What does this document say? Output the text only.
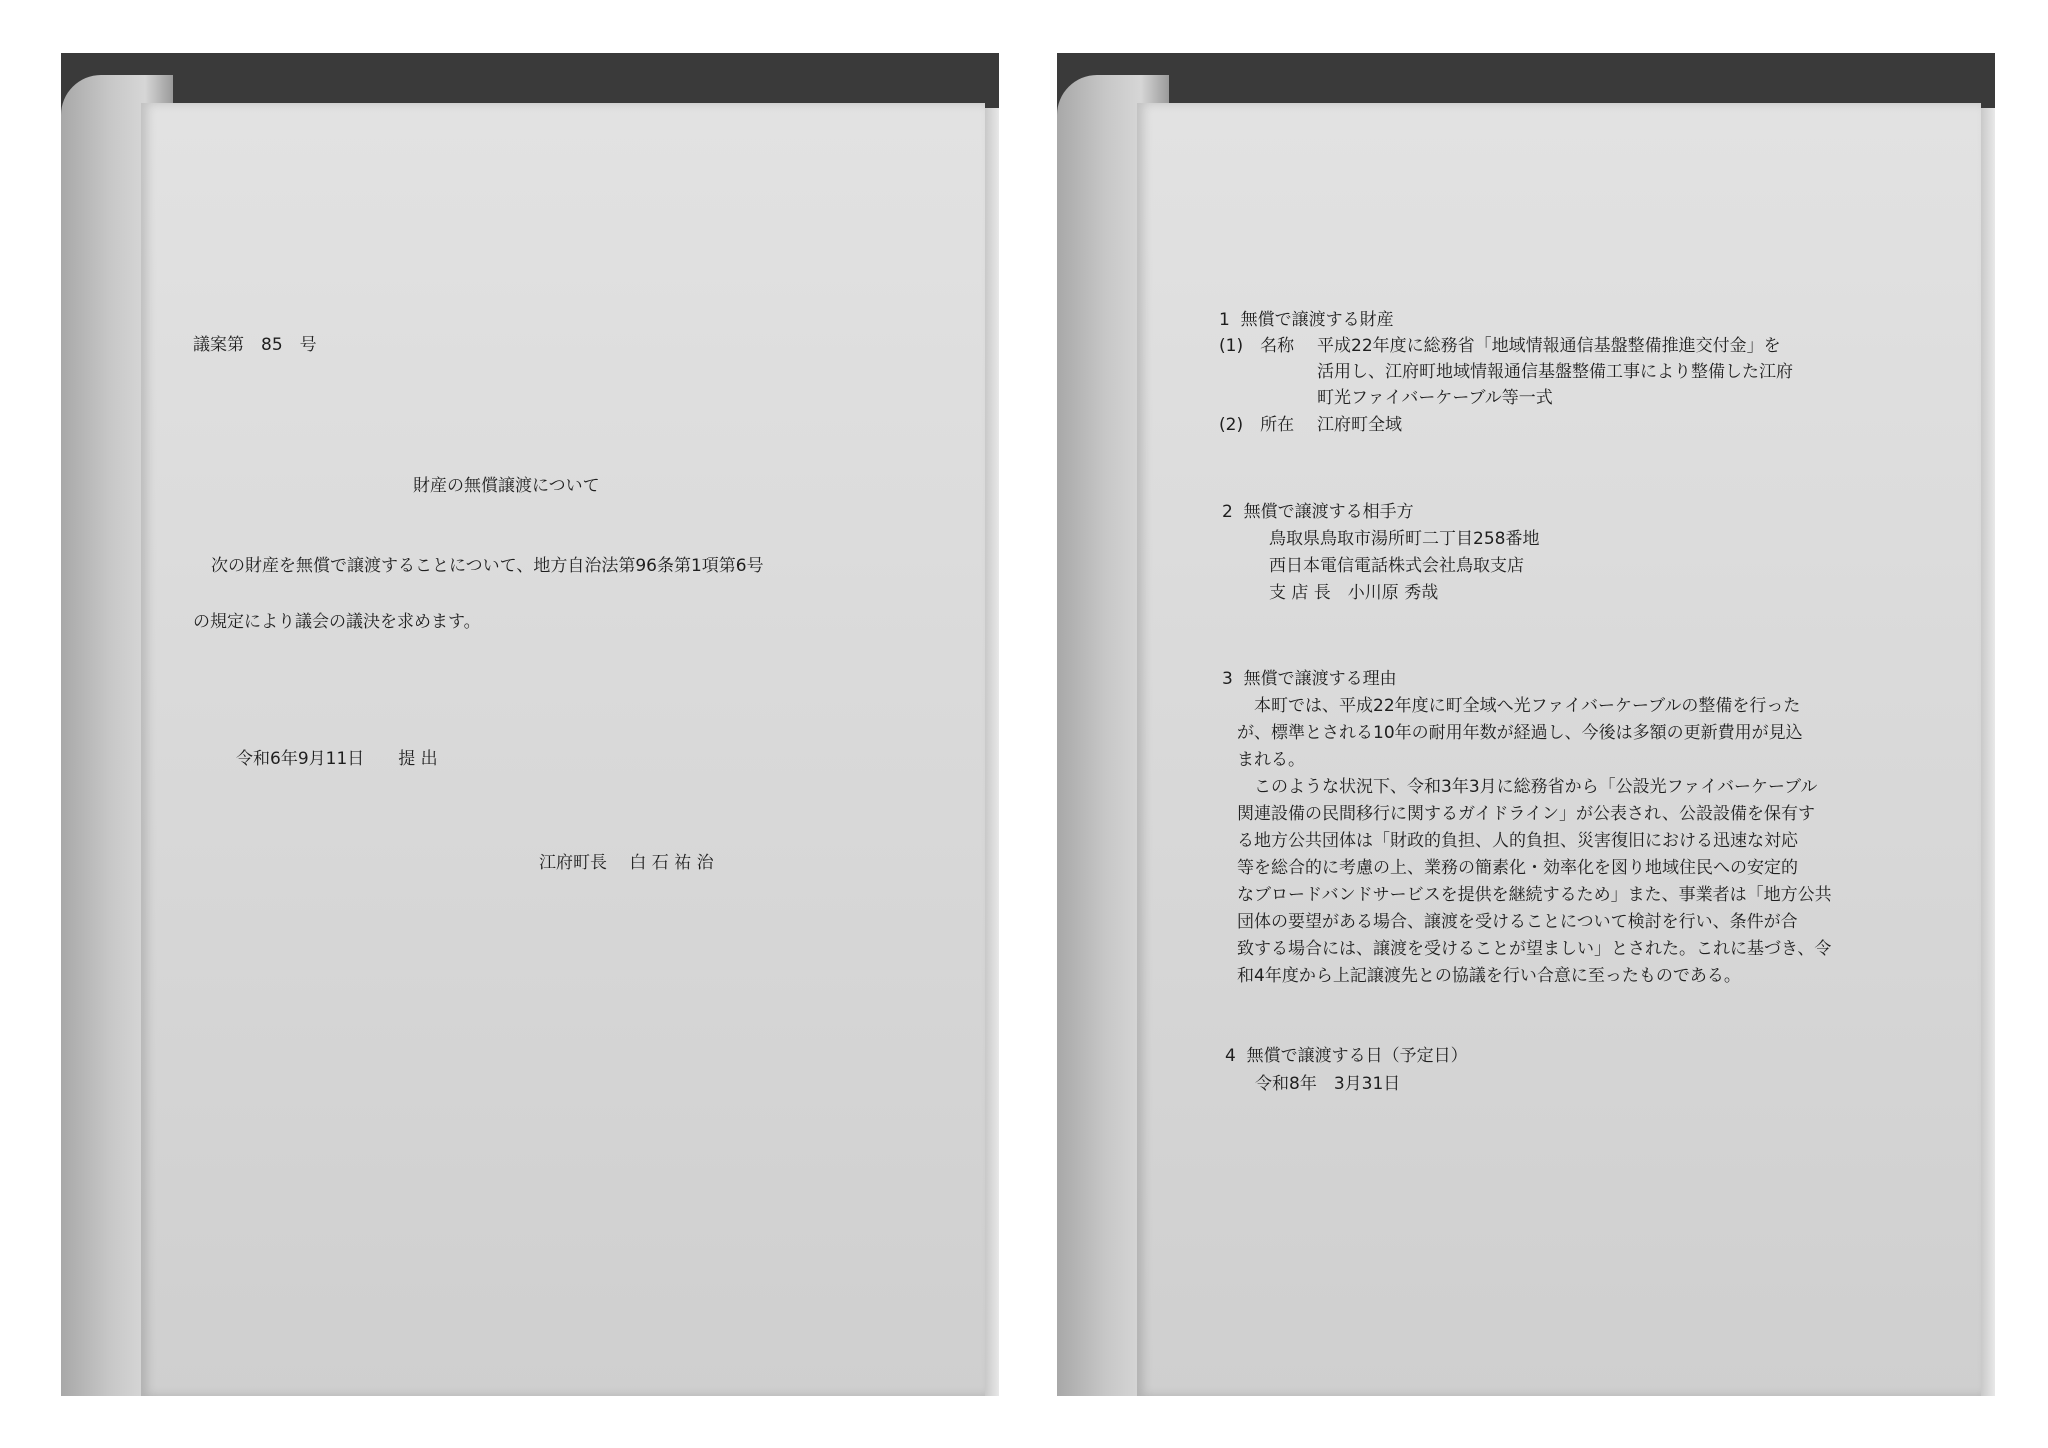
議案第　85　号
財産の無償譲渡について
次の財産を無償で譲渡することについて、地方自治法第96条第1項第6号
の規定により議会の議決を求めます。
令和6年9月11日　　提 出
江府町長　 白 石 祐 治
1  無償で譲渡する財産
(1)　名称 平成22年度に総務省「地域情報通信基盤整備推進交付金」を
活用し、江府町地域情報通信基盤整備工事により整備した江府
町光ファイバーケーブル等一式
(2)　所在 江府町全域
2  無償で譲渡する相手方
鳥取県鳥取市湯所町二丁目258番地
西日本電信電話株式会社鳥取支店
支 店 長　小川原 秀哉
3  無償で譲渡する理由
　本町では、平成22年度に町全域へ光ファイバーケーブルの整備を行った
が、標準とされる10年の耐用年数が経過し、今後は多額の更新費用が見込
まれる。
　このような状況下、令和3年3月に総務省から「公設光ファイバーケーブル
関連設備の民間移行に関するガイドライン」が公表され、公設設備を保有す
る地方公共団体は「財政的負担、人的負担、災害復旧における迅速な対応
等を総合的に考慮の上、業務の簡素化・効率化を図り地域住民への安定的
なブロードバンドサービスを提供を継続するため」また、事業者は「地方公共
団体の要望がある場合、譲渡を受けることについて検討を行い、条件が合
致する場合には、譲渡を受けることが望ましい」とされた。これに基づき、令
和4年度から上記譲渡先との協議を行い合意に至ったものである。
4  無償で譲渡する日（予定日）
令和8年　3月31日
